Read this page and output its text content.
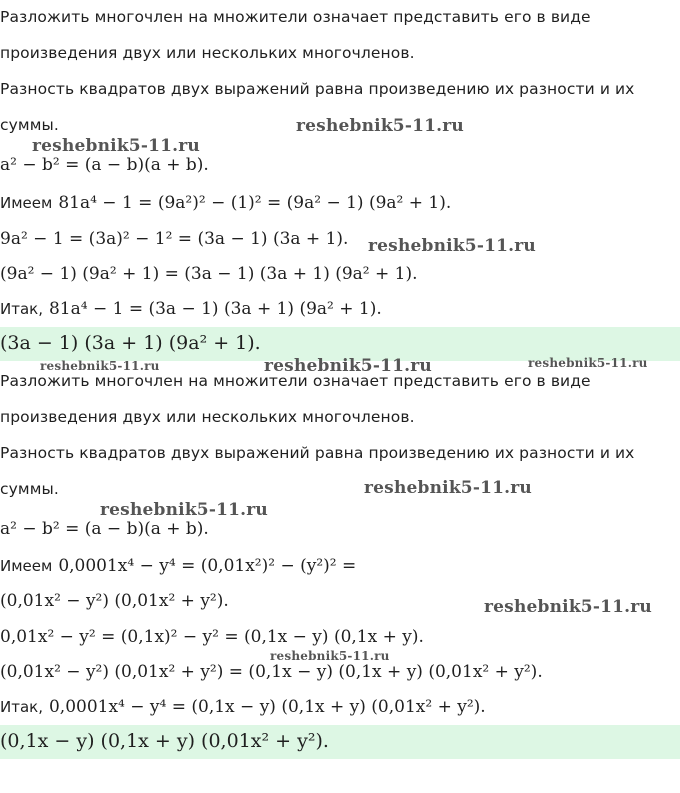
Разложить многочлен на множители означает представить его в виде
произведения двух или нескольких многочленов.
Разность квадратов двух выражений равна произведению их разности и их
суммы.
a² − b² = (a − b)(a + b).
Имеем 81a⁴ − 1 = (9a²)² − (1)² = (9a² − 1) (9a² + 1).
9a² − 1 = (3a)² − 1² = (3a − 1) (3a + 1).
(9a² − 1) (9a² + 1) = (3a − 1) (3a + 1) (9a² + 1).
Итак, 81a⁴ − 1 = (3a − 1) (3a + 1) (9a² + 1).
(3a − 1) (3a + 1) (9a² + 1).
Разложить многочлен на множители означает представить его в виде
произведения двух или нескольких многочленов.
Разность квадратов двух выражений равна произведению их разности и их
суммы.
a² − b² = (a − b)(a + b).
Имеем 0,0001x⁴ − y⁴ = (0,01x²)² − (y²)² =
(0,01x² − y²) (0,01x² + y²).
0,01x² − y² = (0,1x)² − y² = (0,1x − y) (0,1x + y).
(0,01x² − y²) (0,01x² + y²) = (0,1x − y) (0,1x + y) (0,01x² + y²).
Итак, 0,0001x⁴ − y⁴ = (0,1x − y) (0,1x + y) (0,01x² + y²).
(0,1x − y) (0,1x + y) (0,01x² + y²).
reshebnik5-11.ru
reshebnik5-11.ru
reshebnik5-11.ru
reshebnik5-11.ru	reshebnik5-11.ru
reshebnik5-11.ru
reshebnik5-11.ru
reshebnik5-11.ru
reshebnik5-11.ru
reshebnik5-11.ru
